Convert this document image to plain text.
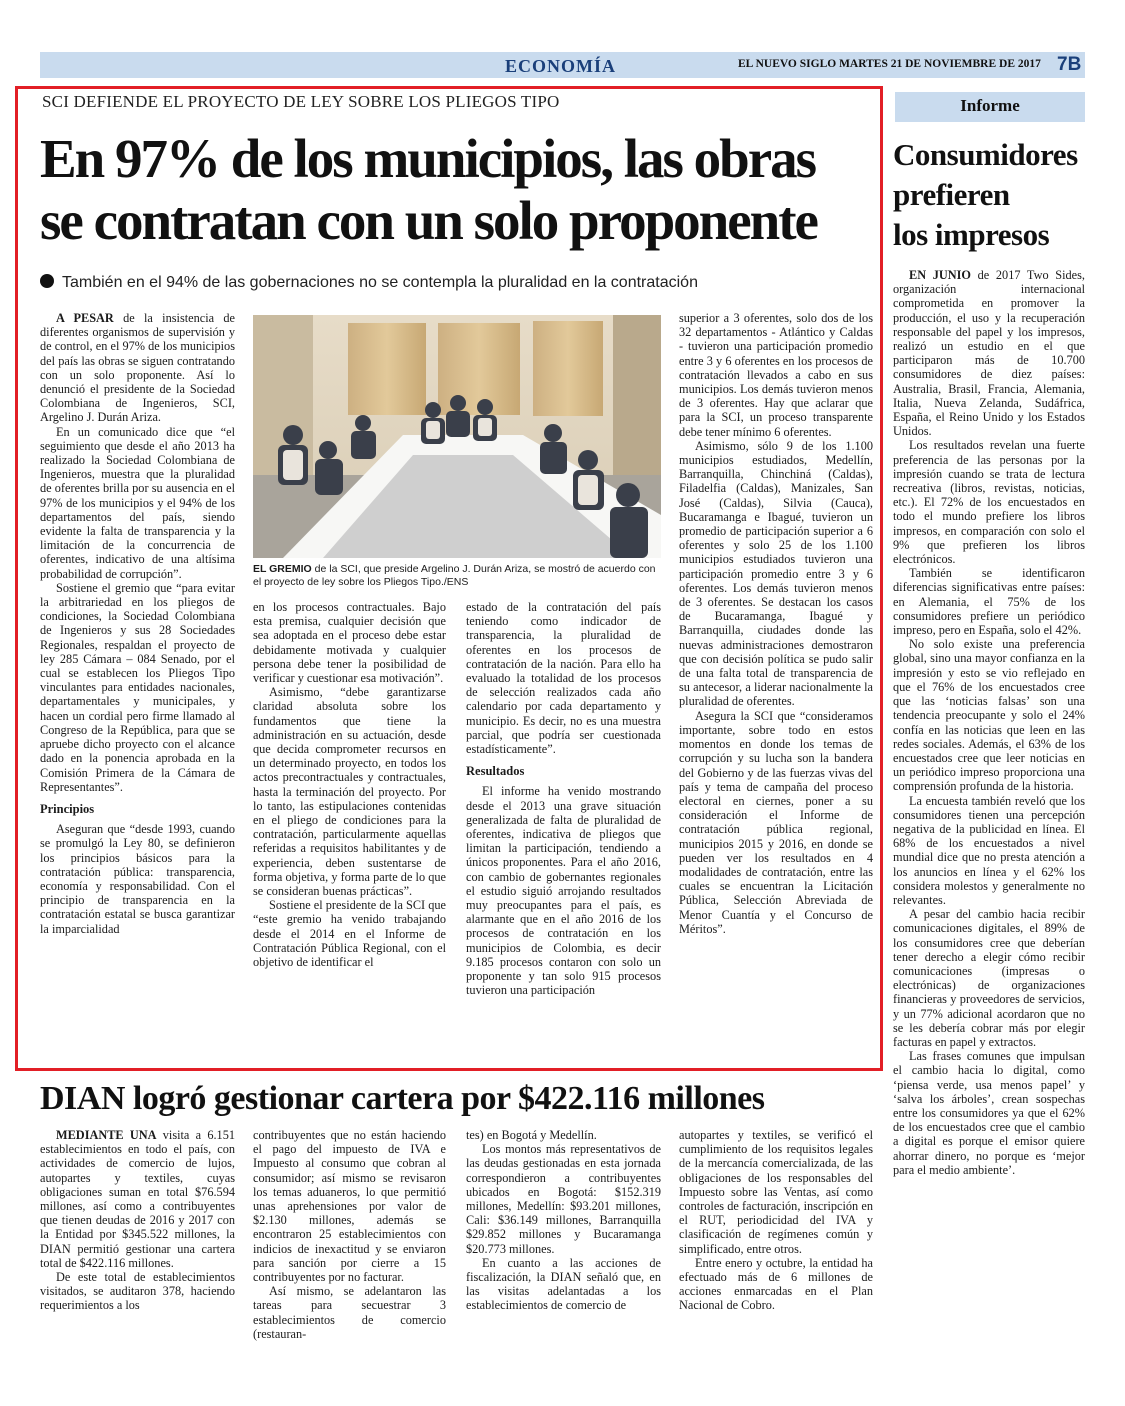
ECONOMÍA	EL NUEVO SIGLO MARTES 21 DE NOVIEMBRE DE 2017 7B
SCI DEFIENDE EL PROYECTO DE LEY SOBRE LOS PLIEGOS TIPO
En 97% de los municipios, las obras
se contratan con un solo proponente
También en el 94% de las gobernaciones no se contempla la pluralidad en la contratación

A PESAR de la insistencia de diferentes organismos de supervisión y de control, en el 97% de los municipios del país las obras se siguen contratando con un solo proponente. Así lo denunció el presidente de la Sociedad Colombiana de Ingenieros, SCI, Argelino J. Durán Ariza.

En un comunicado dice que “el seguimiento que desde el año 2013 ha realizado la Sociedad Colombiana de Ingenieros, muestra que la pluralidad de oferentes brilla por su ausencia en el 97% de los municipios y el 94% de los departamentos del país, siendo evidente la falta de transparencia y la limitación de la concurrencia de oferentes, indicativo de una altísima probabilidad de corrupción”.

Sostiene el gremio que “para evitar la arbitrariedad en los pliegos de condiciones, la Sociedad Colombiana de Ingenieros y sus 28 Sociedades Regionales, respaldan el proyecto de ley 285 Cámara – 084 Senado, por el cual se establecen los Pliegos Tipo vinculantes para entidades nacionales, departamentales y municipales, y hacen un cordial pero firme llamado al Congreso de la República, para que se apruebe dicho proyecto con el alcance dado en la ponencia aprobada en la Comisión Primera de la Cámara de Representantes”.

Principios

Aseguran que “desde 1993, cuando se promulgó la Ley 80, se definieron los principios básicos para la contratación pública: transparencia, economía y responsabilidad. Con el principio de transparencia en la contratación estatal se busca garantizar la imparcialidad

EL GREMIO de la SCI, que preside Argelino J. Durán Ariza, se mostró de acuerdo con el proyecto de ley sobre los Pliegos Tipo./ENS

en los procesos contractuales. Bajo esta premisa, cualquier decisión que sea adoptada en el proceso debe estar debidamente motivada y cualquier persona debe tener la posibilidad de verificar y cuestionar esa motivación”.

Asimismo, “debe garantizarse claridad absoluta sobre los fundamentos que tiene la administración en su actuación, desde que decida comprometer recursos en un determinado proyecto, en todos los actos precontractuales y contractuales, hasta la terminación del proyecto. Por lo tanto, las estipulaciones contenidas en el pliego de condiciones para la contratación, particularmente aquellas referidas a requisitos habilitantes y de experiencia, deben sustentarse de forma objetiva, y forma parte de lo que se consideran buenas prácticas”.

Sostiene el presidente de la SCI que “este gremio ha venido trabajando desde el 2014 en el Informe de Contratación Pública Regional, con el objetivo de identificar el

estado de la contratación del país teniendo como indicador de transparencia, la pluralidad de oferentes en los procesos de contratación de la nación. Para ello ha evaluado la totalidad de los procesos de selección realizados cada año calendario por cada departamento y municipio. Es decir, no es una muestra parcial, que podría ser cuestionada estadísticamente”.

Resultados

El informe ha venido mostrando desde el 2013 una grave situación generalizada de falta de pluralidad de oferentes, indicativa de pliegos que limitan la participación, tendiendo a únicos proponentes. Para el año 2016, con cambio de gobernantes regionales el estudio siguió arrojando resultados muy preocupantes para el país, es alarmante que en el año 2016 de los procesos de contratación en los municipios de Colombia, es decir 9.185 procesos contaron con solo un proponente y tan solo 915 procesos tuvieron una participación

superior a 3 oferentes, solo dos de los 32 departamentos - Atlántico y Caldas - tuvieron una participación promedio entre 3 y 6 oferentes en los procesos de contratación llevados a cabo en sus municipios. Los demás tuvieron menos de 3 oferentes. Hay que aclarar que para la SCI, un proceso transparente debe tener mínimo 6 oferentes.

Asimismo, sólo 9 de los 1.100 municipios estudiados, Medellín, Barranquilla, Chinchiná (Caldas), Filadelfia (Caldas), Manizales, San José (Caldas), Silvia (Cauca), Bucaramanga e Ibagué, tuvieron un promedio de participación superior a 6 oferentes y solo 25 de los 1.100 municipios estudiados tuvieron una participación promedio entre 3 y 6 oferentes. Los demás tuvieron menos de 3 oferentes. Se destacan los casos de Bucaramanga, Ibagué y Barranquilla, ciudades donde las nuevas administraciones demostraron que con decisión política se pudo salir de una falta total de transparencia de su antecesor, a liderar nacionalmente la pluralidad de oferentes.

Asegura la SCI que “consideramos importante, sobre todo en estos momentos en donde los temas de corrupción y su lucha son la bandera del Gobierno y de las fuerzas vivas del país y tema de campaña del proceso electoral en ciernes, poner a su consideración el Informe de contratación pública regional, municipios 2015 y 2016, en donde se pueden ver los resultados en 4 modalidades de contratación, entre las cuales se encuentran la Licitación Pública, Selección Abreviada de Menor Cuantía y el Concurso de Méritos”.

DIAN logró gestionar cartera por $422.116 millones

MEDIANTE UNA visita a 6.151 establecimientos en todo el país, con actividades de comercio de lujos, autopartes y textiles, cuyas obligaciones suman en total $76.594 millones, así como a contribuyentes que tienen deudas de 2016 y 2017 con la Entidad por $345.522 millones, la DIAN permitió gestionar una cartera total de $422.116 millones.

De este total de establecimientos visitados, se auditaron 378, haciendo requerimientos a los

contribuyentes que no están haciendo el pago del impuesto de IVA e Impuesto al consumo que cobran al consumidor; así mismo se revisaron los temas aduaneros, lo que permitió unas aprehensiones por valor de $2.130 millones, además se encontraron 25 establecimientos con indicios de inexactitud y se enviaron para sanción por cierre a 15 contribuyentes por no facturar.

Así mismo, se adelantaron las tareas para secuestrar 3 establecimientos de comercio (restauran-

tes) en Bogotá y Medellín.

Los montos más representativos de las deudas gestionadas en esta jornada correspondieron a contribuyentes ubicados en Bogotá: $152.319 millones, Medellín: $93.201 millones, Cali: $36.149 millones, Barranquilla $29.852 millones y Bucaramanga $20.773 millones.

En cuanto a las acciones de fiscalización, la DIAN señaló que, en las visitas adelantadas a los establecimientos de comercio de

autopartes y textiles, se verificó el cumplimiento de los requisitos legales de la mercancía comercializada, de las obligaciones de los responsables del Impuesto sobre las Ventas, así como controles de facturación, inscripción en el RUT, periodicidad del IVA y clasificación de regímenes común y simplificado, entre otros.

Entre enero y octubre, la entidad ha efectuado más de 6 millones de acciones enmarcadas en el Plan Nacional de Cobro.

Informe
Consumidores
prefieren
los impresos

EN JUNIO de 2017 Two Sides, organización internacional comprometida en promover la producción, el uso y la recuperación responsable del papel y los impresos, realizó un estudio en el que participaron más de 10.700 consumidores de diez países: Australia, Brasil, Francia, Alemania, Italia, Nueva Zelanda, Sudáfrica, España, el Reino Unido y los Estados Unidos.

Los resultados revelan una fuerte preferencia de las personas por la impresión cuando se trata de lectura recreativa (libros, revistas, noticias, etc.). El 72% de los encuestados en todo el mundo prefiere los libros impresos, en comparación con solo el 9% que prefieren los libros electrónicos.

También se identificaron diferencias significativas entre países: en Alemania, el 75% de los consumidores prefiere un periódico impreso, pero en España, solo el 42%.

No solo existe una preferencia global, sino una mayor confianza en la impresión y esto se vio reflejado en que el 76% de los encuestados cree que las ‘noticias falsas’ son una tendencia preocupante y solo el 24% confía en las noticias que leen en las redes sociales. Además, el 63% de los encuestados cree que leer noticias en un periódico impreso proporciona una comprensión profunda de la historia.

La encuesta también reveló que los consumidores tienen una percepción negativa de la publicidad en línea. El 68% de los encuestados a nivel mundial dice que no presta atención a los anuncios en línea y el 62% los considera molestos y generalmente no relevantes.

A pesar del cambio hacia recibir comunicaciones digitales, el 89% de los consumidores cree que deberían tener derecho a elegir cómo recibir comunicaciones (impresas o electrónicas) de organizaciones financieras y proveedores de servicios, y un 77% adicional acordaron que no se les debería cobrar más por elegir facturas en papel y extractos.

Las frases comunes que impulsan el cambio hacia lo digital, como ‘piensa verde, usa menos papel’ y ‘salva los árboles’, crean sospechas entre los consumidores ya que el 62% de los encuestados cree que el cambio a digital es porque el emisor quiere ahorrar dinero, no porque es ‘mejor para el medio ambiente’.
